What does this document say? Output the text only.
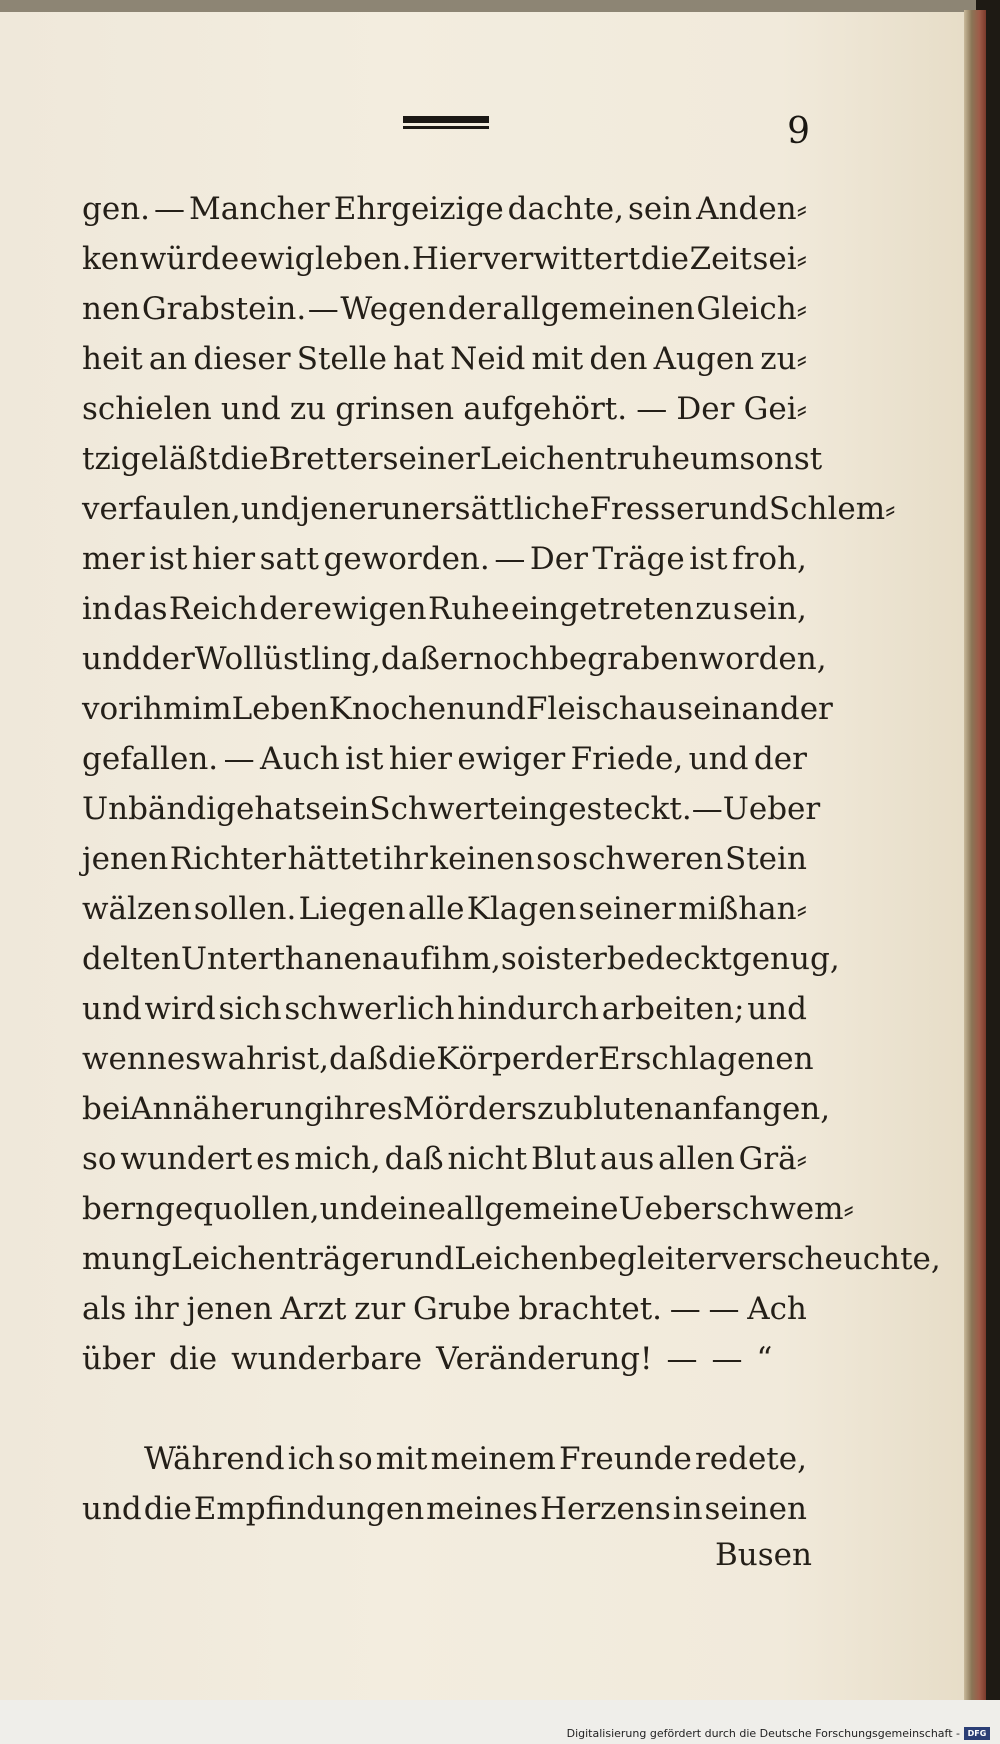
9
gen. — Mancher Ehrgeizige dachte, sein Anden⸗
ken würde ewig leben. Hier verwittert die Zeit sei⸗
nen Grabstein. — Wegen der allgemeinen Gleich⸗
heit an dieser Stelle hat Neid mit den Augen zu⸗
schielen und zu grinsen aufgehört. — Der Gei⸗
tzige läßt die Bretter seiner Leichentruhe umsonst
verfaulen, und jener unersättliche Fresser und Schlem⸗
mer ist hier satt geworden. — Der Träge ist froh,
in das Reich der ewigen Ruhe eingetreten zu sein,
und der Wollüstling, daß er noch begraben worden,
vor ihm im Leben Knochen und Fleisch auseinander
gefallen. — Auch ist hier ewiger Friede, und der
Unbändige hat sein Schwert eingesteckt. — Ueber
jenen Richter hättet ihr keinen so schweren Stein
wälzen sollen. Liegen alle Klagen seiner mißhan⸗
delten Unterthanen auf ihm, so ist er bedeckt genug,
und wird sich schwerlich hindurch arbeiten; und
wenn es wahr ist, daß die Körper der Erschlagenen
bei Annäherung ihres Mörders zu bluten anfangen,
so wundert es mich, daß nicht Blut aus allen Grä⸗
bern gequollen, und eine allgemeine Ueberschwem⸗
mung Leichenträger und Leichenbegleiter verscheuchte,
als ihr jenen Arzt zur Grube brachtet. — — Ach
über die wunderbare Veränderung! — — “
Während ich so mit meinem Freunde redete,
und die Empfindungen meines Herzens in seinen
Busen
Digitalisierung gefördert durch die Deutsche Forschungsgemeinschaft - DFG
